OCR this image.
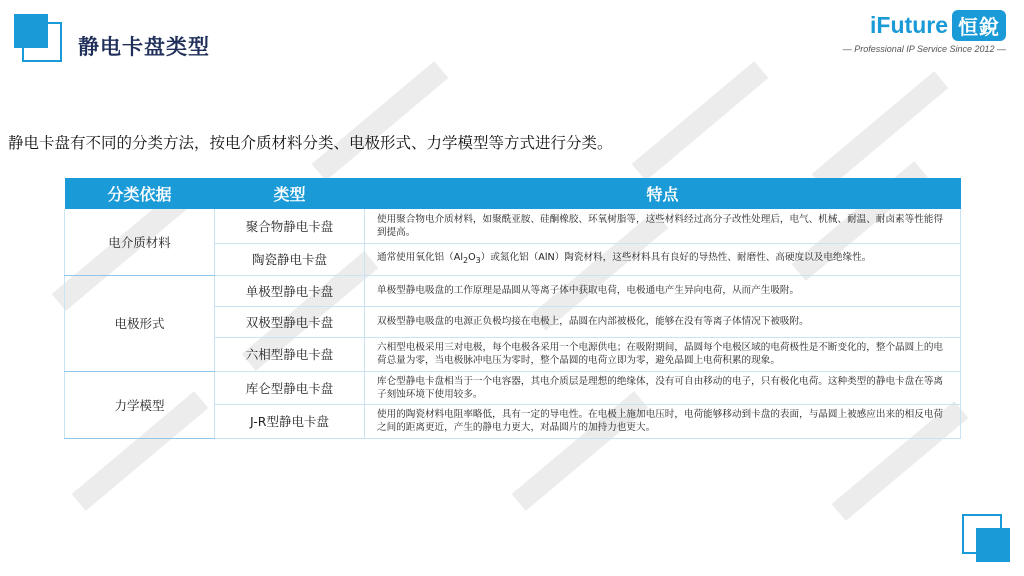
静电卡盘类型
iFuture 恒銳
— Professional IP Service Since 2012 —
静电卡盘有不同的分类方法，按电介质材料分类、电极形式、力学模型等方式进行分类。
分类依据	类型	特点
电介质材料	聚合物静电卡盘	使用聚合物电介质材料，如聚酰亚胺、硅酮橡胶、环氧树脂等，这些材料经过高分子改性处理后，电气、机械、耐温、耐卤素等性能得到提高。
	陶瓷静电卡盘	通常使用氧化铝$(Al_2O_3)$或氮化铝（AlN）陶瓷材料，这些材料具有良好的导热性、耐磨性、高硬度以及电绝缘性。
电极形式	单极型静电卡盘	单极型静电吸盘的工作原理是晶圆从等离子体中获取电荷，电极通电产生异向电荷，从而产生吸附。
	双极型静电卡盘	双极型静电吸盘的电源正负极均接在电极上，晶圆在内部被极化，能够在没有等离子体情况下被吸附。
	六相型静电卡盘	六相型电极采用三对电极，每个电极各采用一个电源供电；在吸附期间，晶圆每个电极区域的电荷极性是不断变化的，整个晶圆上的电荷总量为零，当电极脉冲电压为零时，整个晶圆的电荷立即为零，避免晶圆上电荷积累的现象。
力学模型	库仑型静电卡盘	库仑型静电卡盘相当于一个电容器，其电介质层是理想的绝缘体，没有可自由移动的电子，只有极化电荷。这种类型的静电卡盘在等离子刻蚀环境下使用较多。
	J-R型静电卡盘	使用的陶瓷材料电阻率略低，具有一定的导电性。在电极上施加电压时，电荷能够移动到卡盘的表面，与晶圆上被感应出来的相反电荷之间的距离更近，产生的静电力更大，对晶圆片的加持力也更大。
